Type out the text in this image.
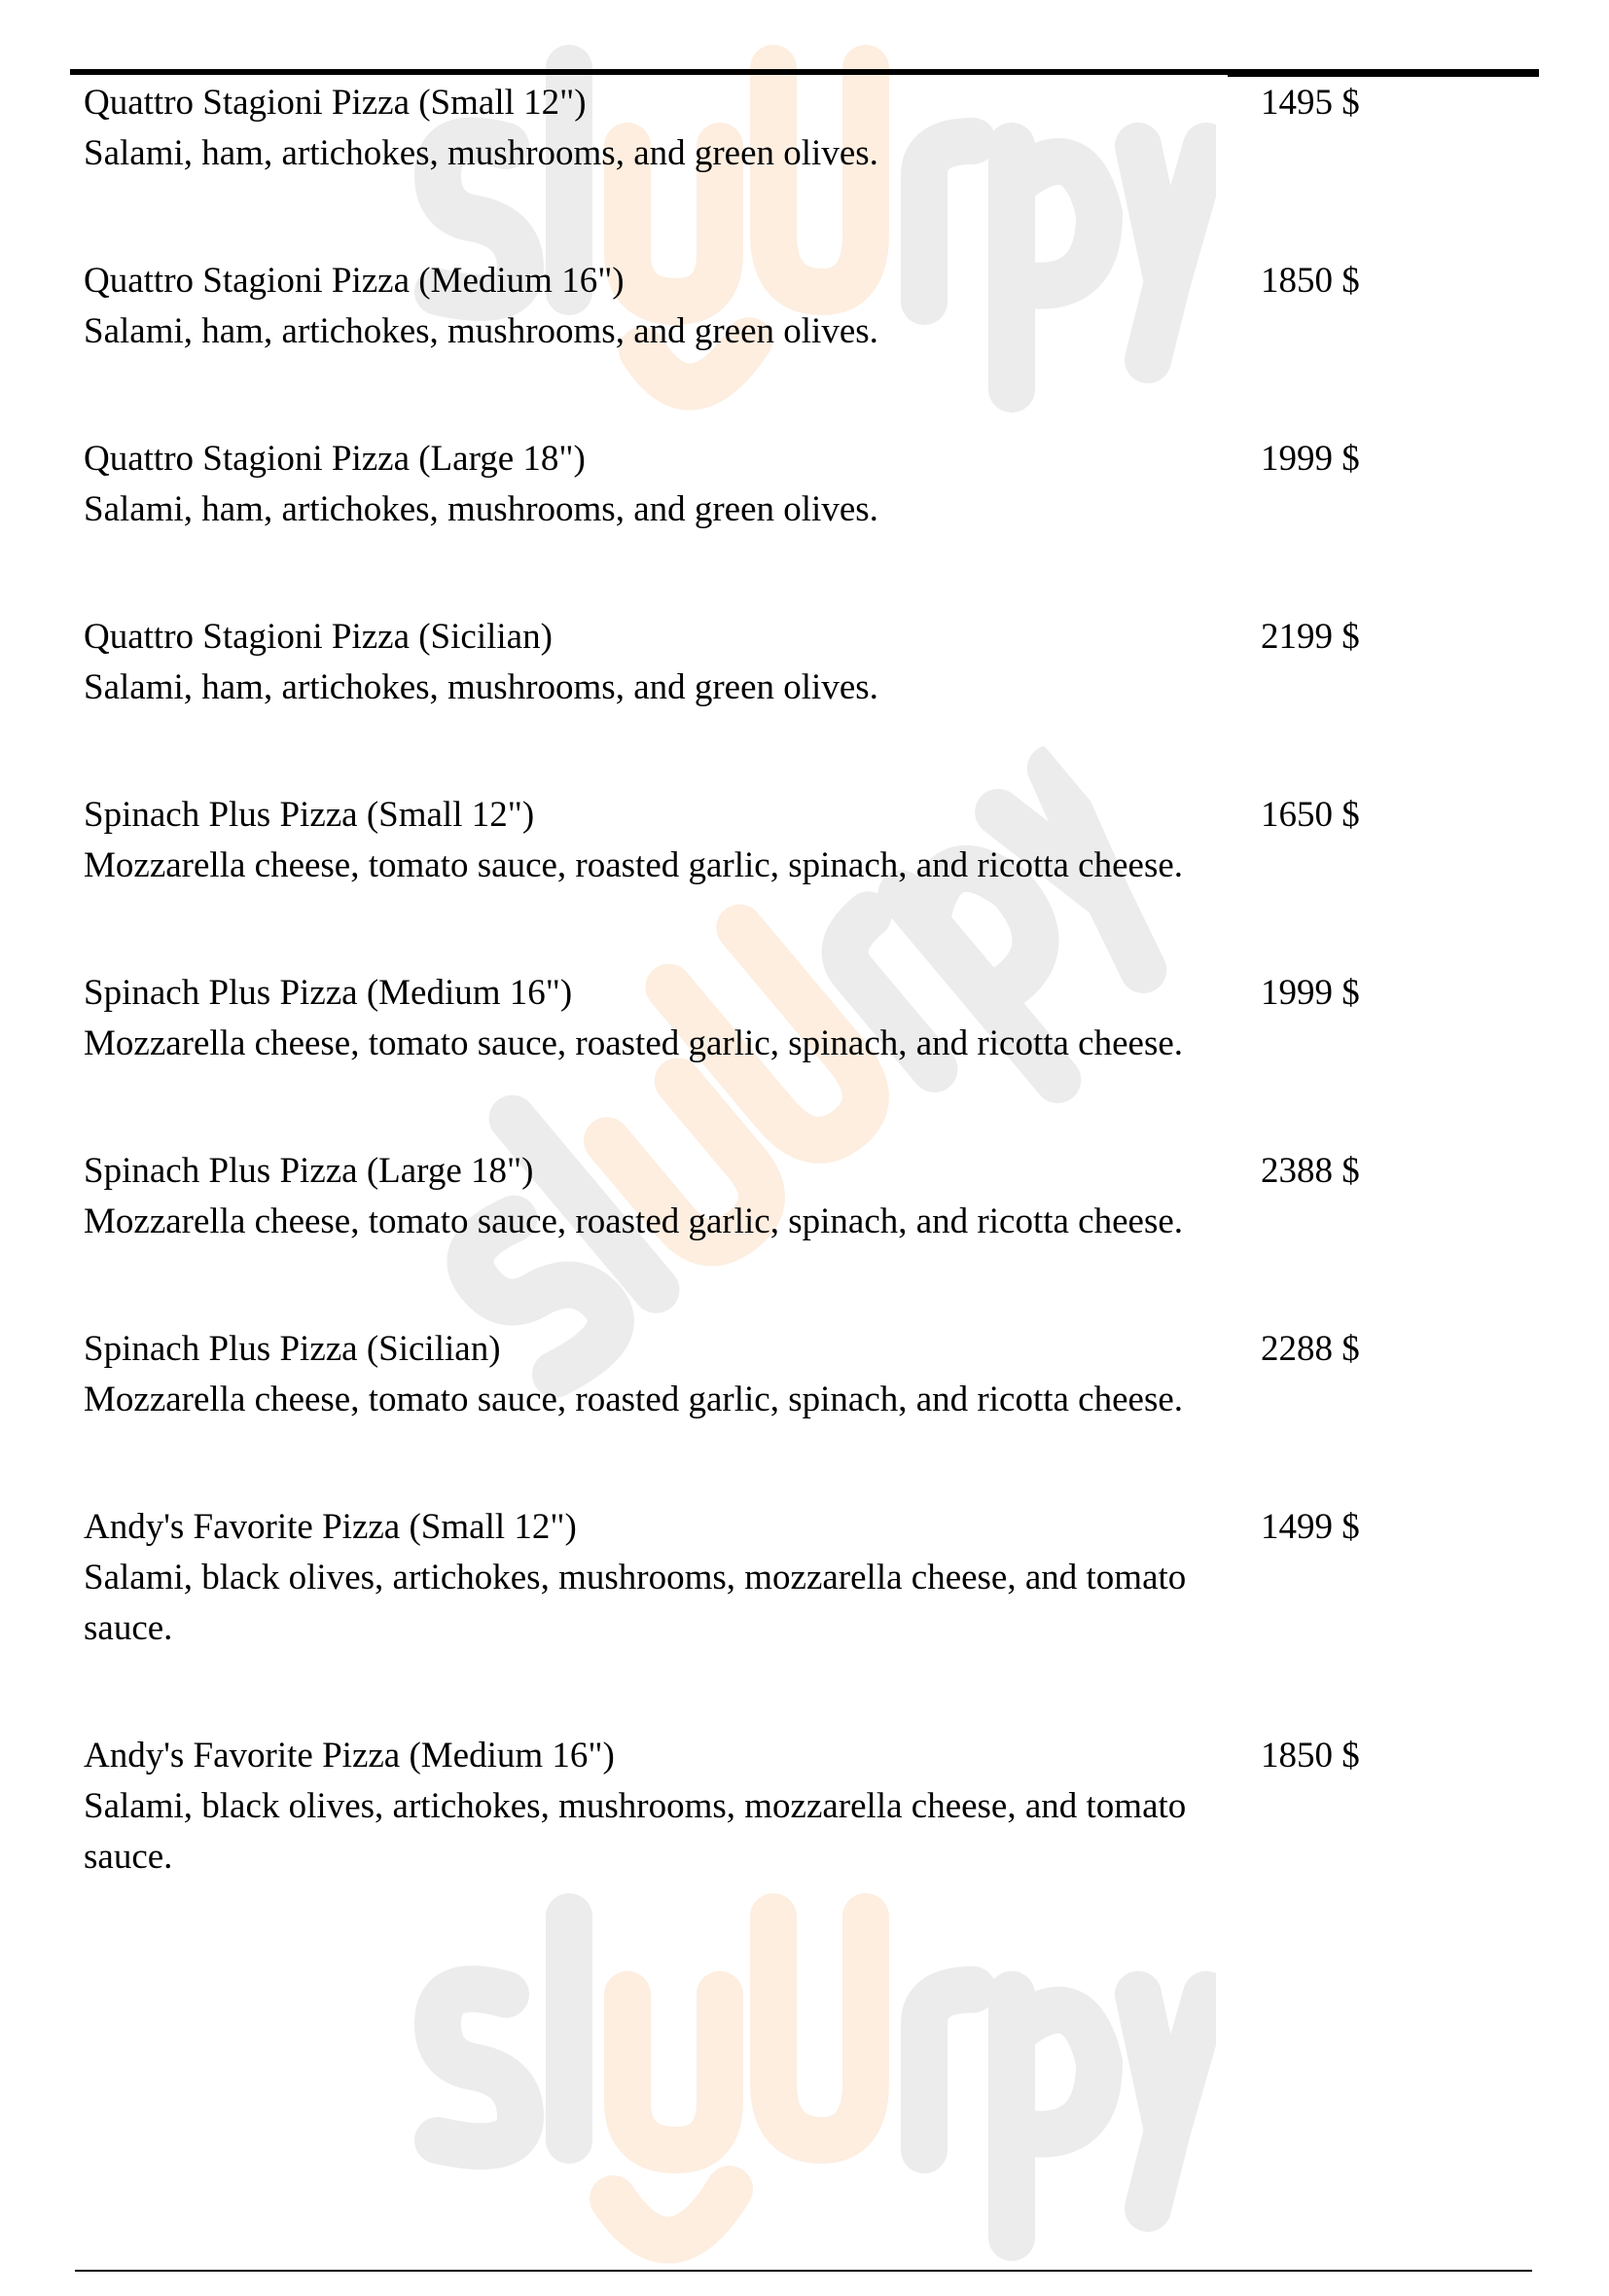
Quattro Stagioni Pizza (Small 12")
Salami, ham, artichokes, mushrooms, and green olives.
1495 $
Quattro Stagioni Pizza (Medium 16")
Salami, ham, artichokes, mushrooms, and green olives.
1850 $
Quattro Stagioni Pizza (Large 18")
Salami, ham, artichokes, mushrooms, and green olives.
1999 $
Quattro Stagioni Pizza (Sicilian)
Salami, ham, artichokes, mushrooms, and green olives.
2199 $
Spinach Plus Pizza (Small 12")
Mozzarella cheese, tomato sauce, roasted garlic, spinach, and ricotta cheese.
1650 $
Spinach Plus Pizza (Medium 16")
Mozzarella cheese, tomato sauce, roasted garlic, spinach, and ricotta cheese.
1999 $
Spinach Plus Pizza (Large 18")
Mozzarella cheese, tomato sauce, roasted garlic, spinach, and ricotta cheese.
2388 $
Spinach Plus Pizza (Sicilian)
Mozzarella cheese, tomato sauce, roasted garlic, spinach, and ricotta cheese.
2288 $
Andy's Favorite Pizza (Small 12")
Salami, black olives, artichokes, mushrooms, mozzarella cheese, and tomato sauce.
1499 $
Andy's Favorite Pizza (Medium 16")
Salami, black olives, artichokes, mushrooms, mozzarella cheese, and tomato sauce.
1850 $
